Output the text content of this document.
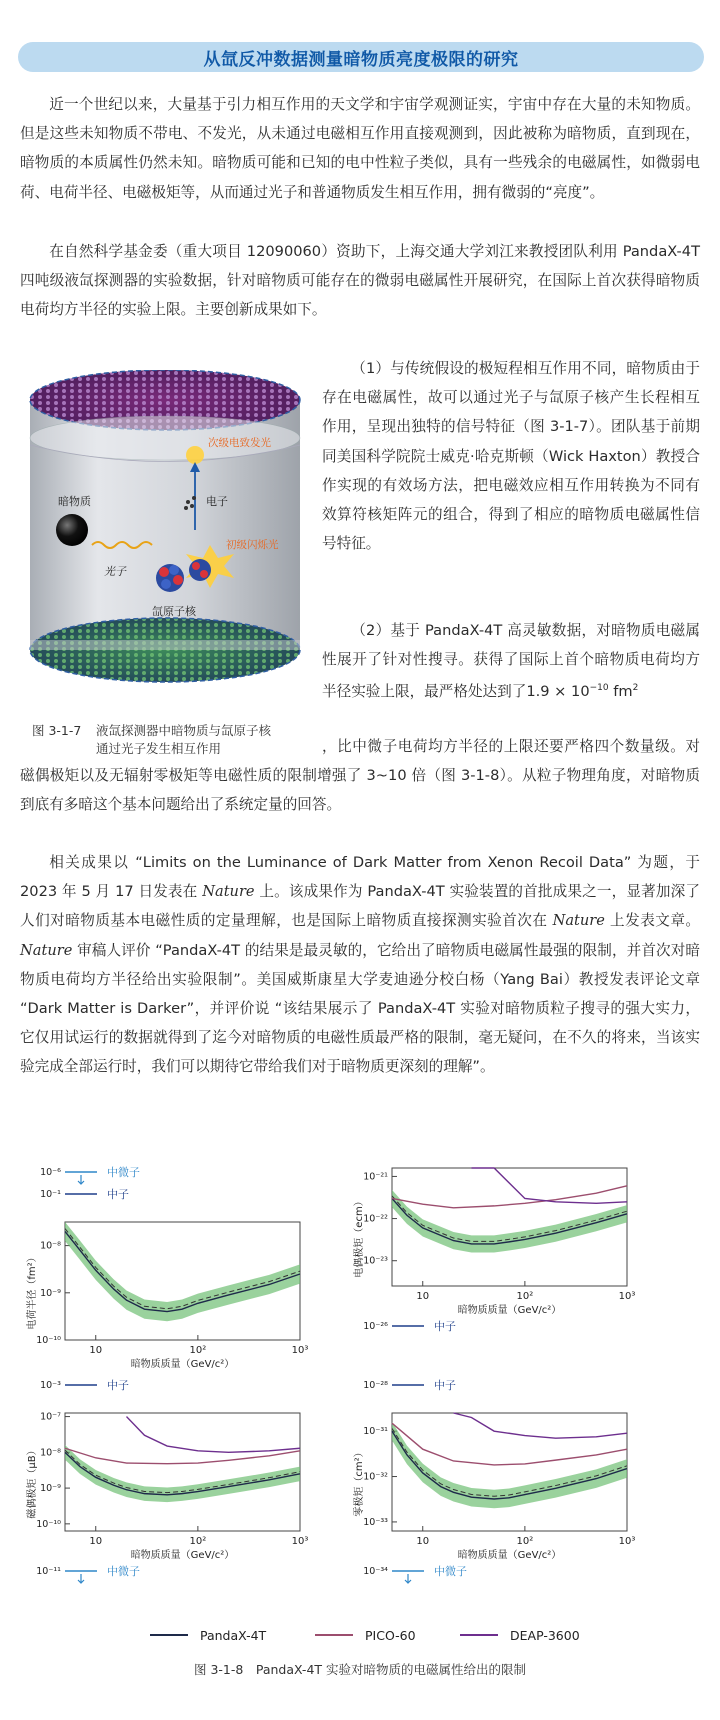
从氙反冲数据测量暗物质亮度极限的研究

近一个世纪以来，大量基于引力相互作用的天文学和宇宙学观测证实，宇宙中存在大量的未知物质。但是这些未知物质不带电、不发光，从未通过电磁相互作用直接观测到，因此被称为暗物质，直到现在，暗物质的本质属性仍然未知。暗物质可能和已知的电中性粒子类似，具有一些残余的电磁属性，如微弱电荷、电荷半径、电磁极矩等，从而通过光子和普通物质发生相互作用，拥有微弱的“亮度”。

在自然科学基金委（重大项目 12090060）资助下，上海交通大学刘江来教授团队利用 PandaX-4T 四吨级液氙探测器的实验数据，针对暗物质可能存在的微弱电磁属性开展研究，在国际上首次获得暗物质电荷均方半径的实验上限。主要创新成果如下。

暗物质	电子
光子
氙原子核
次级电致发光
初级闪烁光
图 3-1-7 液氙探测器中暗物质与氙原子核
通过光子发生相互作用

（1）与传统假设的极短程相互作用不同，暗物质由于存在电磁属性，故可以通过光子与氙原子核产生长程相互作用，呈现出独特的信号特征（图 3-1-7）。团队基于前期同美国科学院院士威克·哈克斯顿（Wick Haxton）教授合作实现的有效场方法，把电磁效应相互作用转换为不同有效算符核矩阵元的组合，得到了相应的暗物质电磁属性信号特征。

（2）基于 PandaX-4T 高灵敏数据，对暗物质电磁属性展开了针对性搜寻。获得了国际上首个暗物质电荷均方半径实验上限，最严格处达到了$1.9 \times 10^{-10}$ $fm^2$

，比中微子电荷均方半径的上限还要严格四个数量级。对

磁偶极矩以及无辐射零极矩等电磁性质的限制增强了 3~10 倍（图 3-1-8）。从粒子物理角度，对暗物质到底有多暗这个基本问题给出了系统定量的回答。

相关成果以 “Limits on the Luminance of Dark Matter from Xenon Recoil Data” 为题，于 2023 年 5 月 17 日发表在 Nature 上。该成果作为 PandaX-4T 实验装置的首批成果之一，显著加深了人们对暗物质基本电磁性质的定量理解，也是国际上暗物质直接探测实验首次在 Nature 上发表文章。Nature 审稿人评价 “PandaX-4T 的结果是最灵敏的，它给出了暗物质电磁属性最强的限制，并首次对暗物质电荷均方半径给出实验限制”。美国威斯康星大学麦迪逊分校白杨（Yang Bai）教授发表评论文章 “Dark Matter is Darker”，并评价说 “该结果展示了 PandaX-4T 实验对暗物质粒子搜寻的强大实力，它仅用试运行的数据就得到了迄今对暗物质的电磁性质最严格的限制，毫无疑问，在不久的将来，当该实验完成全部运行时，我们可以期待它带给我们对于暗物质更深刻的理解”。

10	10²	10³
暗物质质量（GeV/c²）
电荷半径（fm²）
10⁻¹	中子
10⁻⁶	中微子
10⁻⁸
10⁻⁹
10⁻¹⁰
10	10²	10³
暗物质质量（GeV/c²）
电偶极矩（ecm）
10⁻²¹
10⁻²²
10⁻²³
10⁻²⁶	中子
10	10²	10³
暗物质质量（GeV/c²）
磁偶极矩（μB）
10⁻³	中子
10⁻⁷
10⁻⁸
10⁻⁹
10⁻¹⁰
10⁻¹¹	中微子
10	10²	10³
暗物质质量（GeV/c²）
零极矩（cm²）
10⁻²⁸	中子
10⁻³¹
10⁻³²
10⁻³³
10⁻³⁴	中微子
PandaX-4T	PICO-60	DEAP-3600
图 3-1-8　PandaX-4T 实验对暗物质的电磁属性给出的限制
